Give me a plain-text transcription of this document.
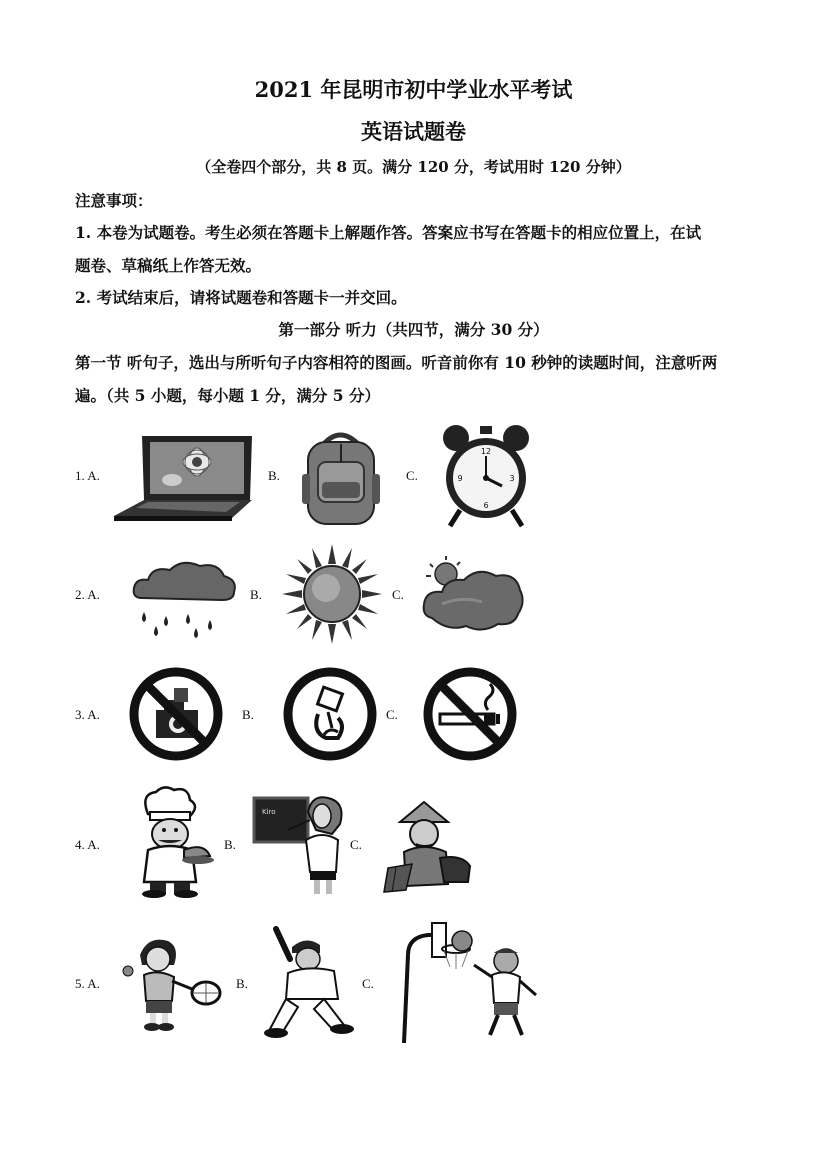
2021 年昆明市初中学业水平考试
英语试题卷
（全卷四个部分，共 8 页。满分 120 分，考试用时 120 分钟）
注意事项：
1. 本卷为试题卷。考生必须在答题卡上解题作答。答案应书写在答题卡的相应位置上，在试
题卷、草稿纸上作答无效。
2. 考试结束后，请将试题卷和答题卡一并交回。
第一部分 听力（共四节，满分 30 分）
第一节 听句子，选出与所听句子内容相符的图画。听音前你有 10 秒钟的读题时间，注意听两
遍。（共 5 小题，每小题 1 分，满分 5 分）
1. A.	B.	C.
12
3
6
9
2. A.	B.	C.
3. A.	B.	C.
4. A.	B.
Kiro
C.
5. A.	B.	C.
